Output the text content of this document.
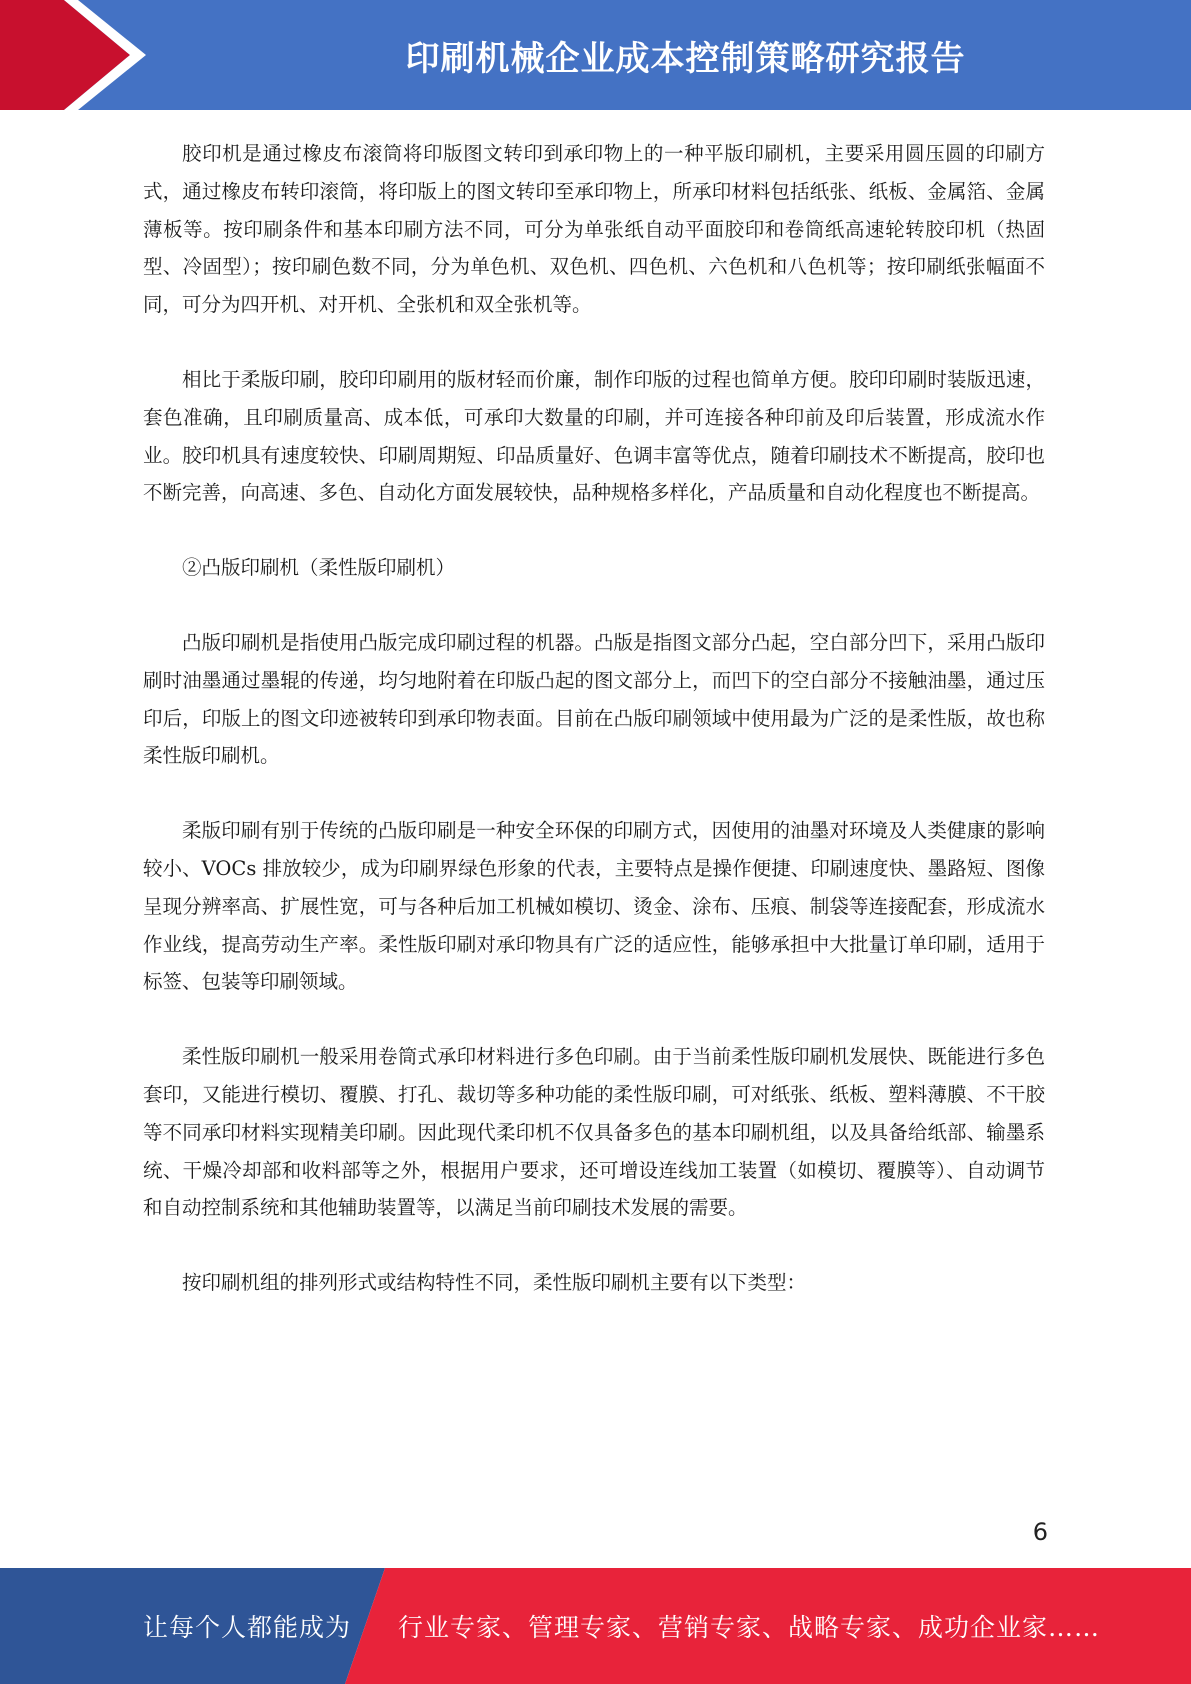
印刷机械企业成本控制策略研究报告

胶印机是通过橡皮布滚筒将印版图文转印到承印物上的一种平版印刷机，主要采用圆压圆的印刷方式，通过橡皮布转印滚筒，将印版上的图文转印至承印物上，所承印材料包括纸张、纸板、金属箔、金属薄板等。按印刷条件和基本印刷方法不同，可分为单张纸自动平面胶印和卷筒纸高速轮转胶印机（热固型、冷固型）；按印刷色数不同，分为单色机、双色机、四色机、六色机和八色机等；按印刷纸张幅面不同，可分为四开机、对开机、全张机和双全张机等。

相比于柔版印刷，胶印印刷用的版材轻而价廉，制作印版的过程也简单方便。胶印印刷时装版迅速，套色准确，且印刷质量高、成本低，可承印大数量的印刷，并可连接各种印前及印后装置，形成流水作业。胶印机具有速度较快、印刷周期短、印品质量好、色调丰富等优点，随着印刷技术不断提高，胶印也不断完善，向高速、多色、自动化方面发展较快，品种规格多样化，产品质量和自动化程度也不断提高。

②凸版印刷机（柔性版印刷机）

凸版印刷机是指使用凸版完成印刷过程的机器。凸版是指图文部分凸起，空白部分凹下，采用凸版印刷时油墨通过墨辊的传递，均匀地附着在印版凸起的图文部分上，而凹下的空白部分不接触油墨，通过压印后，印版上的图文印迹被转印到承印物表面。目前在凸版印刷领域中使用最为广泛的是柔性版，故也称柔性版印刷机。

柔版印刷有别于传统的凸版印刷是一种安全环保的印刷方式，因使用的油墨对环境及人类健康的影响较小、VOCs 排放较少，成为印刷界绿色形象的代表，主要特点是操作便捷、印刷速度快、墨路短、图像呈现分辨率高、扩展性宽，可与各种后加工机械如模切、烫金、涂布、压痕、制袋等连接配套，形成流水作业线，提高劳动生产率。柔性版印刷对承印物具有广泛的适应性，能够承担中大批量订单印刷，适用于标签、包装等印刷领域。

柔性版印刷机一般采用卷筒式承印材料进行多色印刷。由于当前柔性版印刷机发展快、既能进行多色套印，又能进行模切、覆膜、打孔、裁切等多种功能的柔性版印刷，可对纸张、纸板、塑料薄膜、不干胶等不同承印材料实现精美印刷。因此现代柔印机不仅具备多色的基本印刷机组，以及具备给纸部、输墨系统、干燥冷却部和收料部等之外，根据用户要求，还可增设连线加工装置（如模切、覆膜等）、自动调节和自动控制系统和其他辅助装置等，以满足当前印刷技术发展的需要。

按印刷机组的排列形式或结构特性不同，柔性版印刷机主要有以下类型：

6
让每个人都能成为 行业专家、管理专家、营销专家、战略专家、成功企业家……
